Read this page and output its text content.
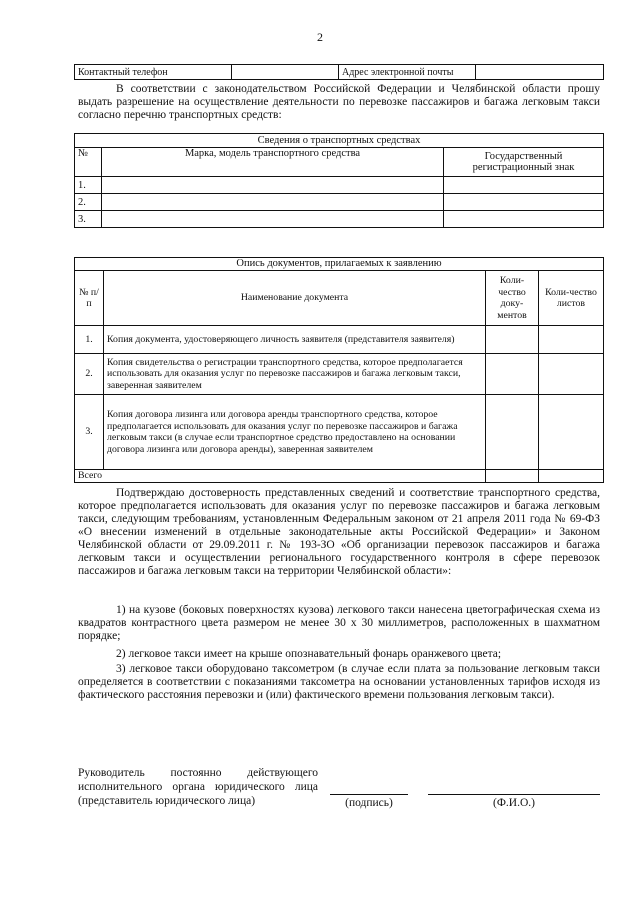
2
Контактный телефон		Адрес электронной почты	
В соответствии с законодательством Российской Федерации и Челябинской области прошу выдать разрешение на осуществление деятельности по перевозке пассажиров и багажа легковым такси согласно перечню транспортных средств:
Сведения о транспортных средствах		
№	Марка, модель транспортного средства	Государственный регистрационный знак
1.		
2.		
3.		
Опись документов, прилагаемых к заявлению			
№ п/п	Наименование документа	Коли-чество доку-ментов	Коли-чество листов
1.	Копия документа, удостоверяющего личность заявителя (представителя заявителя)		
2.	Копия свидетельства о регистрации транспортного средства, которое предполагается использовать для оказания услуг по перевозке пассажиров и багажа легковым такси, заверенная заявителем		
3.	Копия договора лизинга или договора аренды транспортного средства, которое предполагается использовать для оказания услуг по перевозке пассажиров и багажа легковым такси (в случае если транспортное средство предоставлено на основании договора лизинга или договора аренды), заверенная заявителем		
Всего			
Подтверждаю достоверность представленных сведений и соответствие транспортного средства, которое предполагается использовать для оказания услуг по перевозке пассажиров и багажа легковым такси, следующим требованиям, установленным Федеральным законом от 21 апреля 2011 года № 69-ФЗ «О внесении изменений в отдельные законодательные акты Российской Федерации» и Законом Челябинской области от 29.09.2011 г. № 193-ЗО «Об организации перевозок пассажиров и багажа легковым такси и осуществлении регионального государственного контроля в сфере перевозок пассажиров и багажа легковым такси на территории Челябинской области»:
1) на кузове (боковых поверхностях кузова) легкового такси нанесена цветографическая схема из квадратов контрастного цвета размером не менее 30 х 30 миллиметров, расположенных в шахматном порядке;
2) легковое такси имеет на крыше опознавательный фонарь оранжевого цвета;
3) легковое такси оборудовано таксометром (в случае если плата за пользование легковым такси определяется в соответствии с показаниями таксометра на основании установленных тарифов исходя из фактического расстояния перевозки и (или) фактического времени пользования легковым такси).
Руководитель постоянно действующего исполнительного органа юридического лица (представитель юридического лица)	(подпись)	(Ф.И.О.)
